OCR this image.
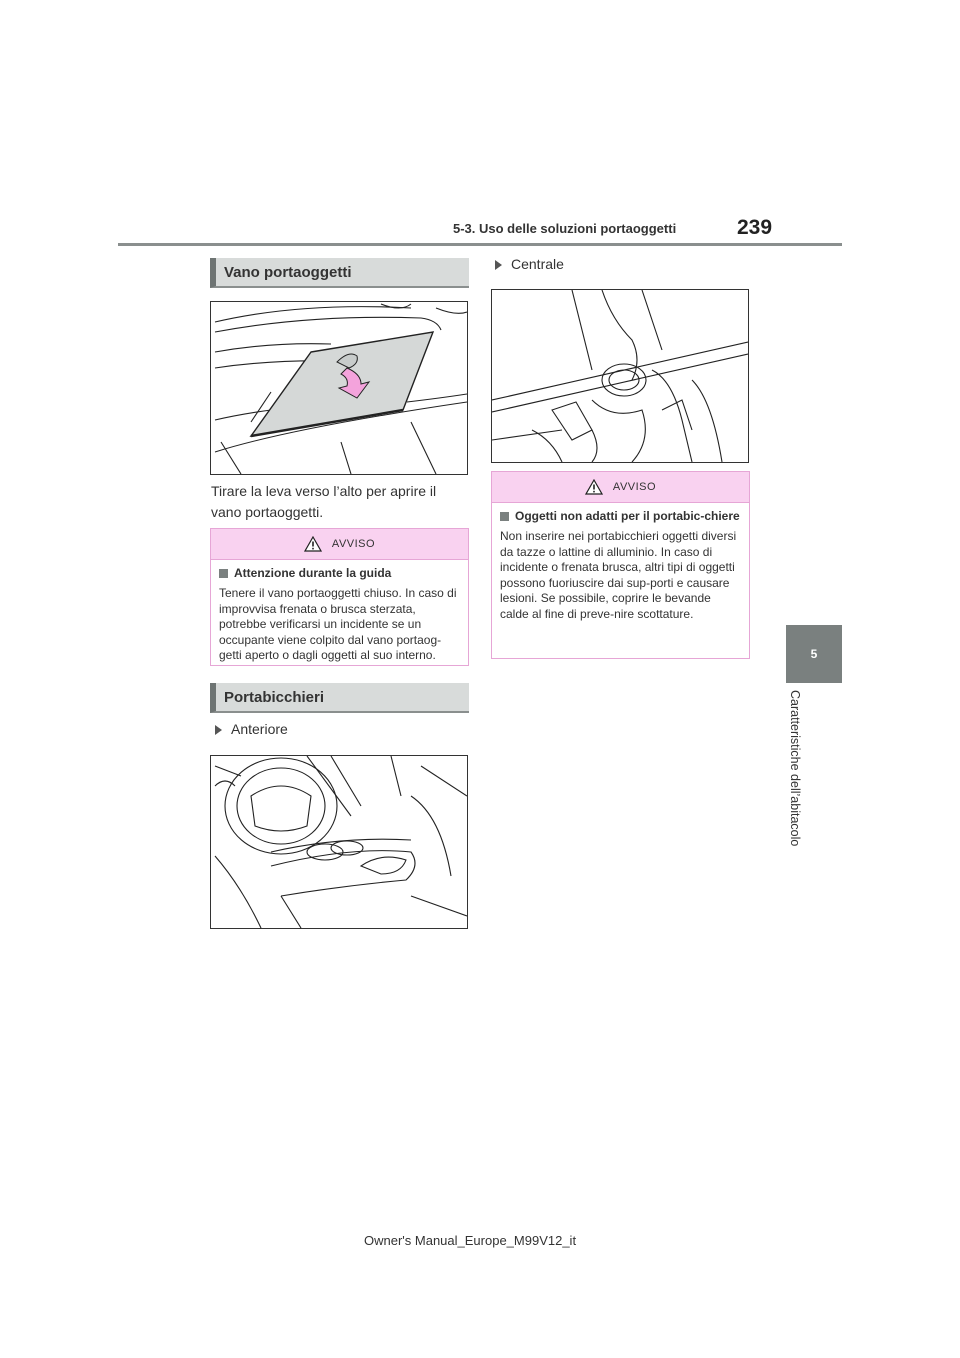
5-3. Uso delle soluzioni portaoggetti	239
5
Caratteristiche dell’abitacolo
Vano portaoggetti
Tirare la leva verso l’alto per aprire il vano portaoggetti.
AVVISO
Attenzione durante la guida
Tenere il vano portaoggetti chiuso. In caso di improvvisa frenata o brusca sterzata, potrebbe verificarsi un incidente se un occupante viene colpito dal vano portaog-getti aperto o dagli oggetti al suo interno.
Portabicchieri
Anteriore
Centrale
AVVISO
Oggetti non adatti per il portabic-chiere
Non inserire nei portabicchieri oggetti diversi da tazze o lattine di alluminio. In caso di incidente o frenata brusca, altri tipi di oggetti possono fuoriuscire dai sup-porti e causare lesioni. Se possibile, coprire le bevande calde al fine di preve-nire scottature.
Owner's Manual_Europe_M99V12_it
